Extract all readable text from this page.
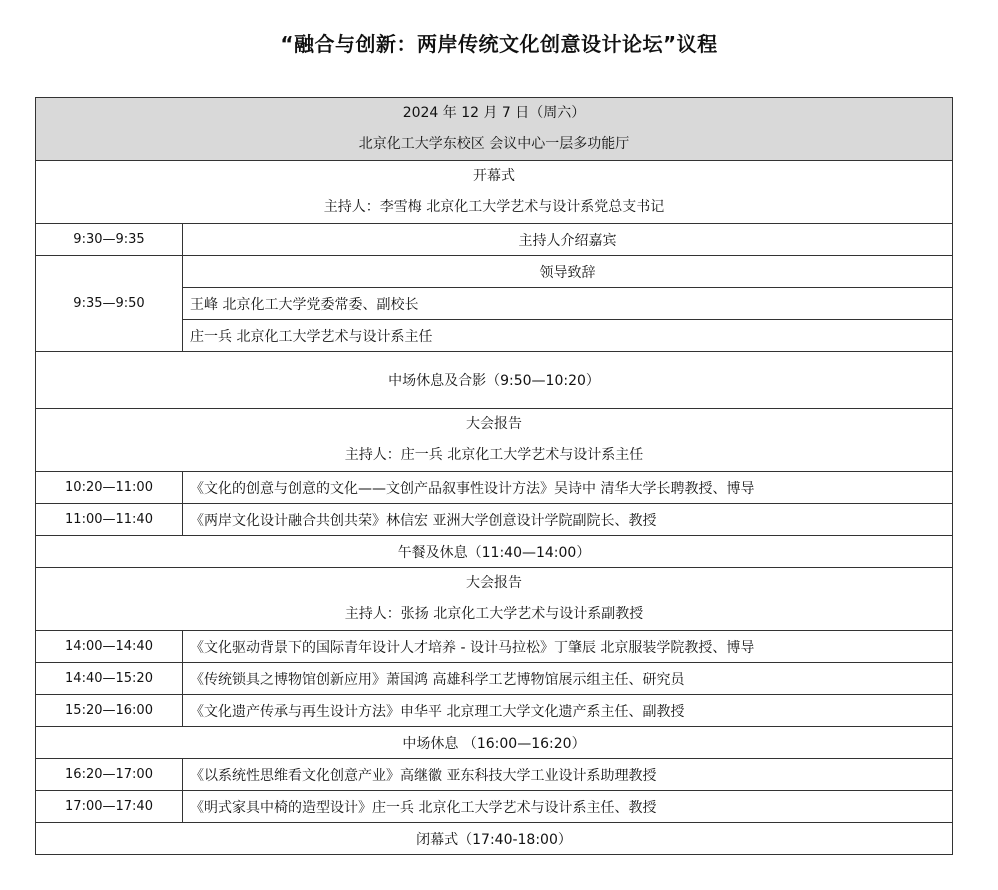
“融合与创新：两岸传统文化创意设计论坛”议程
2024 年 12 月 7 日（周六）
北京化工大学东校区 会议中心一层多功能厅	

开幕式
主持人：李雪梅 北京化工大学艺术与设计系党总支书记	

9:30—9:35	主持人介绍嘉宾
9:35—9:50	领导致辞
	王峰 北京化工大学党委常委、副校长
	庄一兵 北京化工大学艺术与设计系主任
中场休息及合影（9:50—10:20）	

大会报告
主持人：庄一兵 北京化工大学艺术与设计系主任	

10:20—11:00	《文化的创意与创意的文化——文创产品叙事性设计方法》吴诗中 清华大学长聘教授、博导
11:00—11:40	《两岸文化设计融合共创共荣》林信宏 亚洲大学创意设计学院副院长、教授
午餐及休息（11:40—14:00）	

大会报告
主持人：张扬 北京化工大学艺术与设计系副教授	

14:00—14:40	《文化驱动背景下的国际青年设计人才培养 - 设计马拉松》丁肇辰 北京服装学院教授、博导
14:40—15:20	《传统锁具之博物馆创新应用》萧国鸿 高雄科学工艺博物馆展示组主任、研究员
15:20—16:00	《文化遗产传承与再生设计方法》申华平 北京理工大学文化遗产系主任、副教授
中场休息 （16:00—16:20）	
16:20—17:00	《以系统性思维看文化创意产业》高继徽 亚东科技大学工业设计系助理教授
17:00—17:40	《明式家具中椅的造型设计》庄一兵 北京化工大学艺术与设计系主任、教授
闭幕式（17:40-18:00）	
